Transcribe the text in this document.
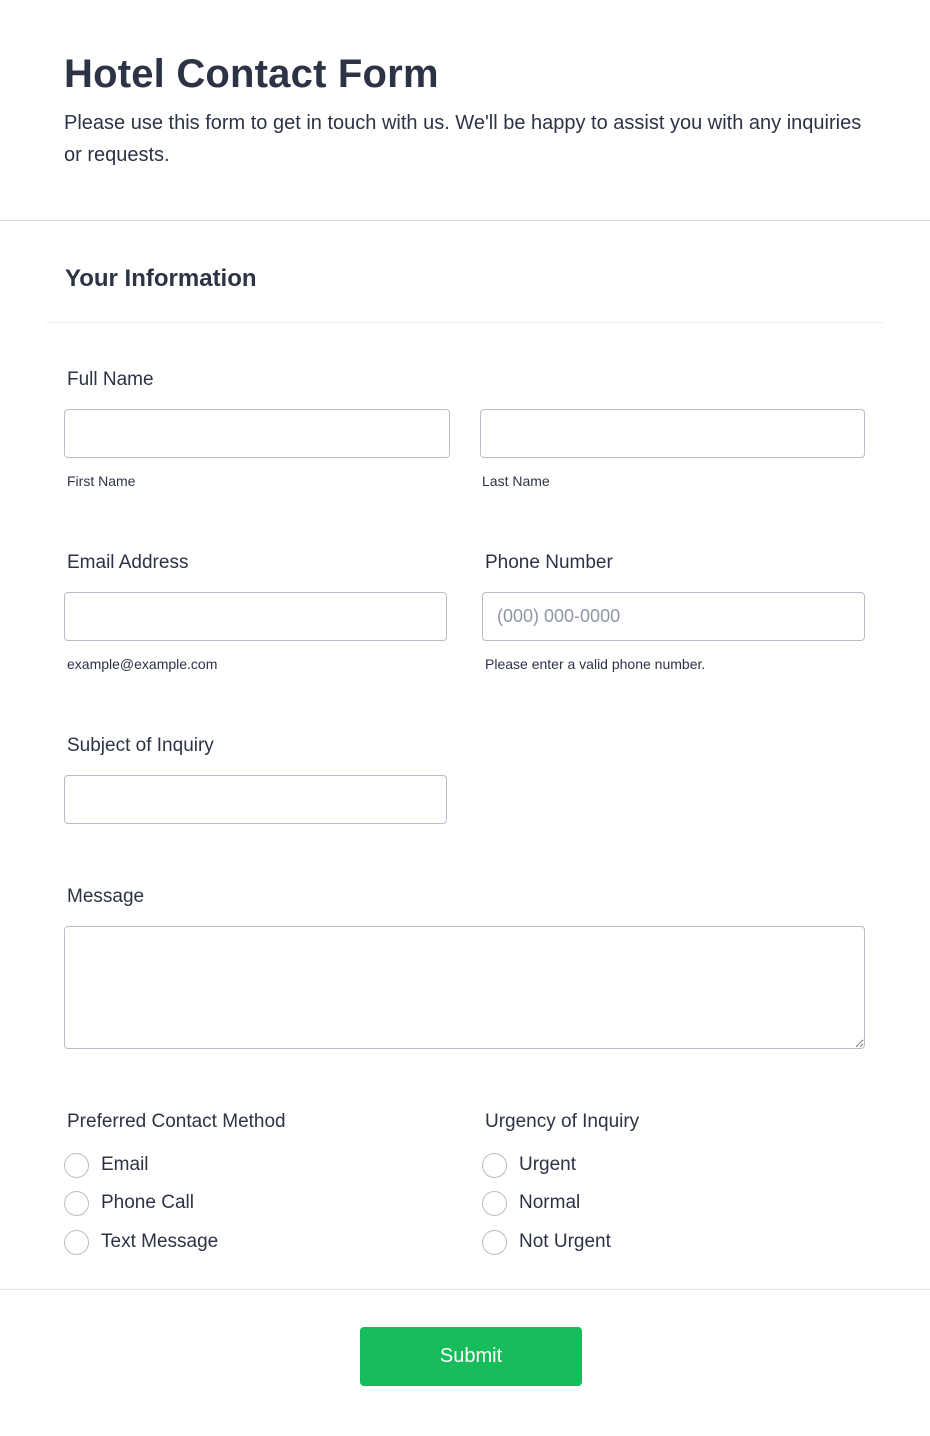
Hotel Contact Form

Please use this form to get in touch with us. We'll be happy to assist you with any inquiries or requests.

Your Information
Full Name
First Name	Last Name
Email Address
example@example.com
Phone Number
(000) 000-0000
Please enter a valid phone number.
Subject of Inquiry
Message
Preferred Contact Method
Email
Phone Call
Text Message
Urgency of Inquiry
Urgent
Normal
Not Urgent
Submit
